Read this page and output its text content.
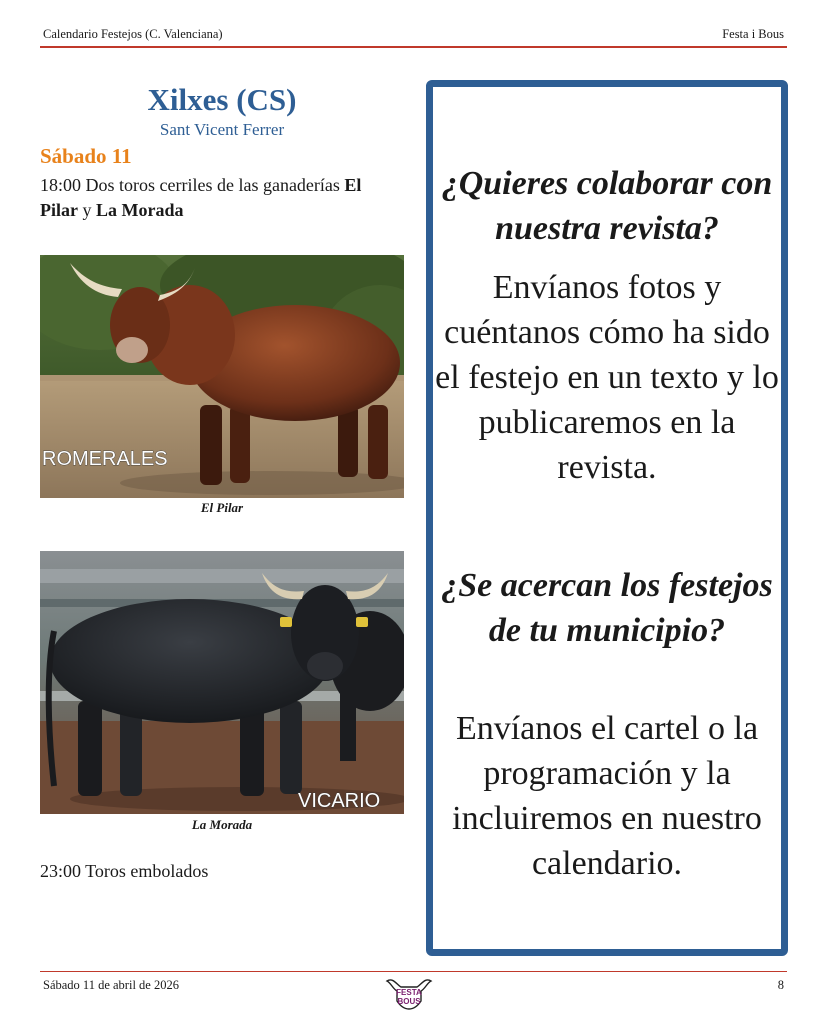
Calendario Festejos (C. Valenciana)	Festa i Bous
Xilxes (CS)
Sant Vicent Ferrer
Sábado 11
18:00 Dos toros cerriles de las ganaderías El Pilar y La Morada
ROMERALES
El Pilar
VICARIO
La Morada
23:00 Toros embolados
¿Quieres colaborar con nuestra revista?
Envíanos fotos y cuéntanos cómo ha sido el festejo en un texto y lo publicaremos en la revista.
¿Se acercan los festejos de tu municipio?
Envíanos el cartel o la programación y la incluiremos en nuestro calendario.
Sábado 11 de abril de 2026
FESTA
BOUS
8
